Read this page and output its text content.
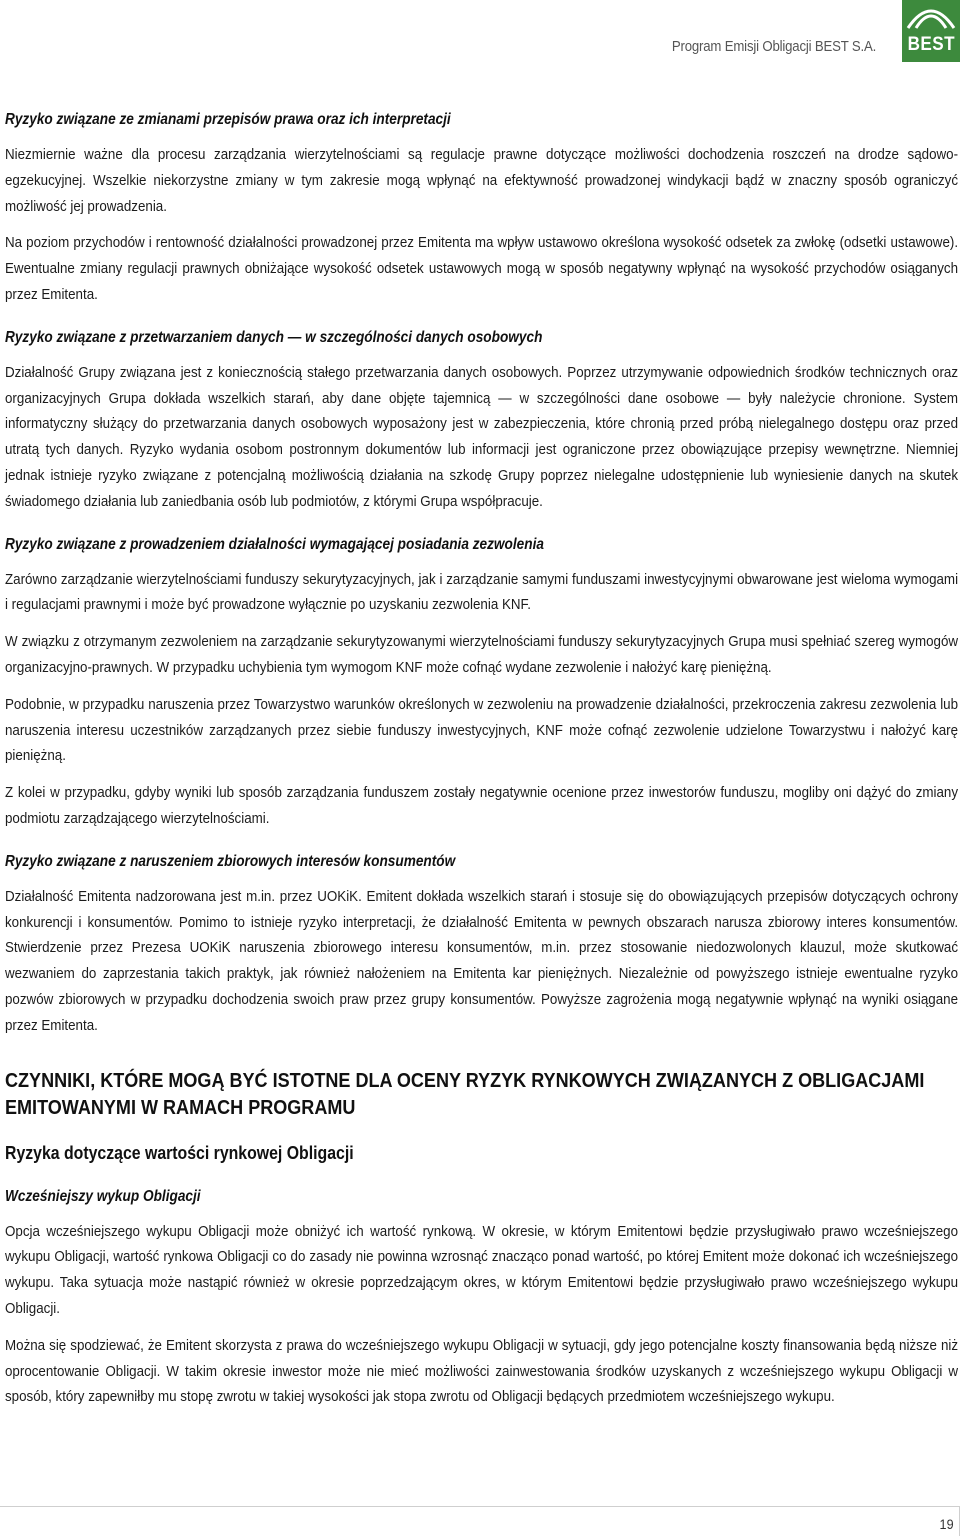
Program Emisji Obligacji BEST S.A. BEST
Ryzyko związane ze zmianami przepisów prawa oraz ich interpretacji

Niezmiernie ważne dla procesu zarządzania wierzytelnościami są regulacje prawne dotyczące możliwości dochodzenia roszczeń na drodze sądowo-egzekucyjnej. Wszelkie niekorzystne zmiany w tym zakresie mogą wpłynąć na efektywność prowadzonej windykacji bądź w znaczny sposób ograniczyć możliwość jej prowadzenia.

Na poziom przychodów i rentowność działalności prowadzonej przez Emitenta ma wpływ ustawowo określona wysokość odsetek za zwłokę (odsetki ustawowe). Ewentualne zmiany regulacji prawnych obniżające wysokość odsetek ustawowych mogą w sposób negatywny wpłynąć na wysokość przychodów osiąganych przez Emitenta.

Ryzyko związane z przetwarzaniem danych — w szczególności danych osobowych

Działalność Grupy związana jest z koniecznością stałego przetwarzania danych osobowych. Poprzez utrzymywanie odpowiednich środków technicznych oraz organizacyjnych Grupa dokłada wszelkich starań, aby dane objęte tajemnicą — w szczególności dane osobowe — były należycie chronione. System informatyczny służący do przetwarzania danych osobowych wyposażony jest w zabezpieczenia, które chronią przed próbą nielegalnego dostępu oraz przed utratą tych danych. Ryzyko wydania osobom postronnym dokumentów lub informacji jest ograniczone przez obowiązujące przepisy wewnętrzne. Niemniej jednak istnieje ryzyko związane z potencjalną możliwością działania na szkodę Grupy poprzez nielegalne udostępnienie lub wyniesienie danych na skutek świadomego działania lub zaniedbania osób lub podmiotów, z którymi Grupa współpracuje.

Ryzyko związane z prowadzeniem działalności wymagającej posiadania zezwolenia

Zarówno zarządzanie wierzytelnościami funduszy sekurytyzacyjnych, jak i zarządzanie samymi funduszami inwestycyjnymi obwarowane jest wieloma wymogami i regulacjami prawnymi i może być prowadzone wyłącznie po uzyskaniu zezwolenia KNF.

W związku z otrzymanym zezwoleniem na zarządzanie sekurytyzowanymi wierzytelnościami funduszy sekurytyzacyjnych Grupa musi spełniać szereg wymogów organizacyjno-prawnych. W przypadku uchybienia tym wymogom KNF może cofnąć wydane zezwolenie i nałożyć karę pieniężną.

Podobnie, w przypadku naruszenia przez Towarzystwo warunków określonych w zezwoleniu na prowadzenie działalności, przekroczenia zakresu zezwolenia lub naruszenia interesu uczestników zarządzanych przez siebie funduszy inwestycyjnych, KNF może cofnąć zezwolenie udzielone Towarzystwu i nałożyć karę pieniężną.

Z kolei w przypadku, gdyby wyniki lub sposób zarządzania funduszem zostały negatywnie ocenione przez inwestorów funduszu, mogliby oni dążyć do zmiany podmiotu zarządzającego wierzytelnościami.

Ryzyko związane z naruszeniem zbiorowych interesów konsumentów

Działalność Emitenta nadzorowana jest m.in. przez UOKiK. Emitent dokłada wszelkich starań i stosuje się do obowiązujących przepisów dotyczących ochrony konkurencji i konsumentów. Pomimo to istnieje ryzyko interpretacji, że działalność Emitenta w pewnych obszarach narusza zbiorowy interes konsumentów. Stwierdzenie przez Prezesa UOKiK naruszenia zbiorowego interesu konsumentów, m.in. przez stosowanie niedozwolonych klauzul, może skutkować wezwaniem do zaprzestania takich praktyk, jak również nałożeniem na Emitenta kar pieniężnych. Niezależnie od powyższego istnieje ewentualne ryzyko pozwów zbiorowych w przypadku dochodzenia swoich praw przez grupy konsumentów. Powyższe zagrożenia mogą negatywnie wpłynąć na wyniki osiągane przez Emitenta.

CZYNNIKI, KTÓRE MOGĄ BYĆ ISTOTNE DLA OCENY RYZYK RYNKOWYCH ZWIĄZANYCH Z OBLIGACJAMI EMITOWANYMI W RAMACH PROGRAMU
Ryzyka dotyczące wartości rynkowej Obligacji
Wcześniejszy wykup Obligacji

Opcja wcześniejszego wykupu Obligacji może obniżyć ich wartość rynkową. W okresie, w którym Emitentowi będzie przysługiwało prawo wcześniejszego wykupu Obligacji, wartość rynkowa Obligacji co do zasady nie powinna wzrosnąć znacząco ponad wartość, po której Emitent może dokonać ich wcześniejszego wykupu. Taka sytuacja może nastąpić również w okresie poprzedzającym okres, w którym Emitentowi będzie przysługiwało prawo wcześniejszego wykupu Obligacji.

Można się spodziewać, że Emitent skorzysta z prawa do wcześniejszego wykupu Obligacji w sytuacji, gdy jego potencjalne koszty finansowania będą niższe niż oprocentowanie Obligacji. W takim okresie inwestor może nie mieć możliwości zainwestowania środków uzyskanych z wcześniejszego wykupu Obligacji w sposób, który zapewniłby mu stopę zwrotu w takiej wysokości jak stopa zwrotu od Obligacji będących przedmiotem wcześniejszego wykupu.

19
